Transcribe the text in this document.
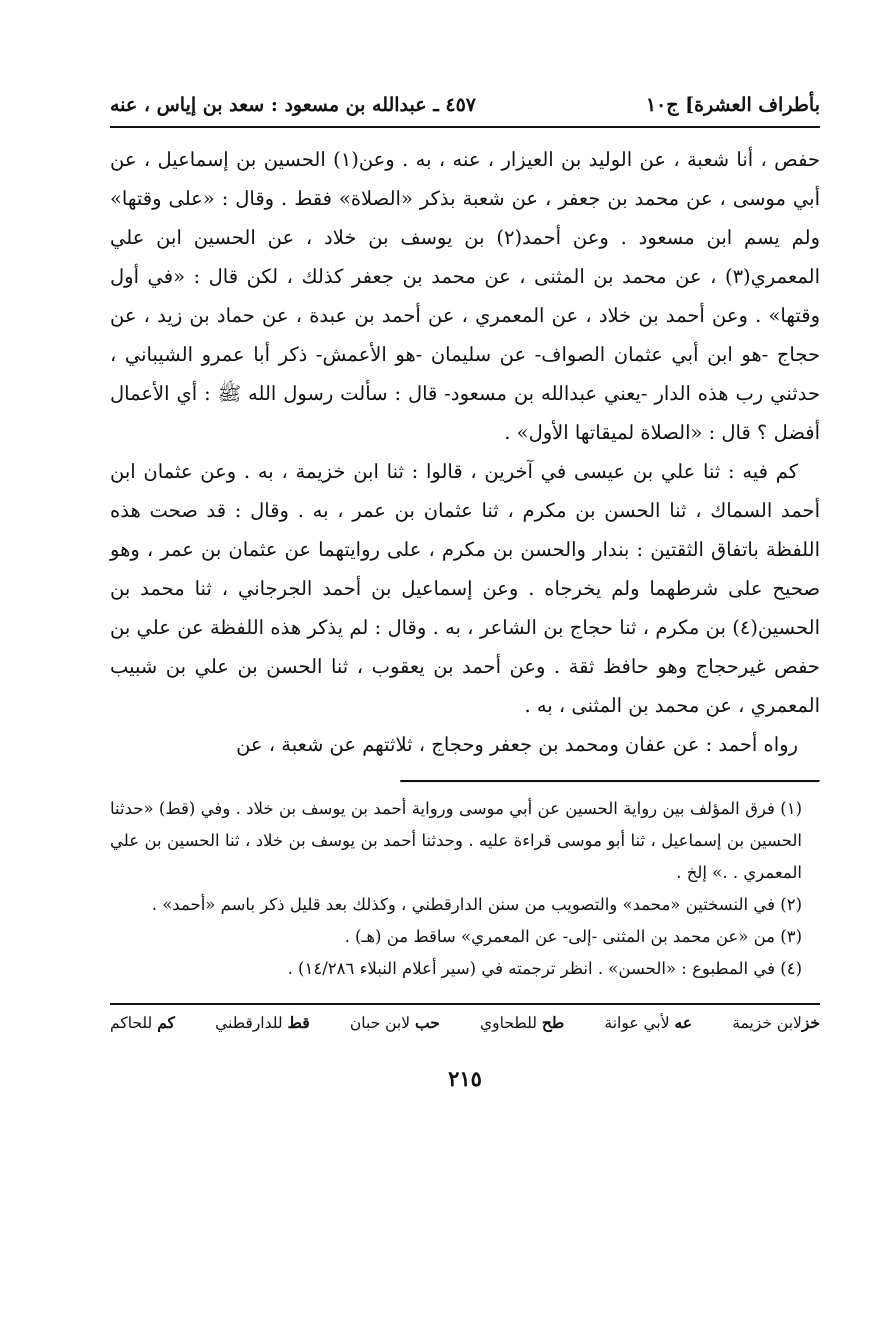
بأطراف العشرة] ج١٠
٤٥٧ ـ عبدالله بن مسعود : سعد بن إياس ، عنه

حفص ، أنا شعبة ، عن الوليد بن العيزار ، عنه ، به . وعن(١) الحسين بن إسماعيل ، عن أبي موسى ، عن محمد بن جعفر ، عن شعبة بذكر «الصلاة» فقط . وقال : «على وقتها» ولم يسم ابن مسعود . وعن أحمد(٢) بن يوسف بن خلاد ، عن الحسين ابن علي المعمري(٣) ، عن محمد بن المثنى ، عن محمد بن جعفر كذلك ، لكن قال : «في أول وقتها» . وعن أحمد بن خلاد ، عن المعمري ، عن أحمد بن عبدة ، عن حماد بن زيد ، عن حجاج -هو ابن أبي عثمان الصواف- عن سليمان -هو الأعمش- ذكر أبا عمرو الشيباني ، حدثني رب هذه الدار -يعني عبدالله بن مسعود- قال : سألت رسول الله ﷺ : أي الأعمال أفضل ؟ قال : «الصلاة لميقاتها الأول» .

كم فيه : ثنا علي بن عيسى في آخرين ، قالوا : ثنا ابن خزيمة ، به . وعن عثمان ابن أحمد السماك ، ثنا الحسن بن مكرم ، ثنا عثمان بن عمر ، به . وقال : قد صحت هذه اللفظة باتفاق الثقتين : بندار والحسن بن مكرم ، على روايتهما عن عثمان بن عمر ، وهو صحيح على شرطهما ولم يخرجاه . وعن إسماعيل بن أحمد الجرجاني ، ثنا محمد بن الحسين(٤) بن مكرم ، ثنا حجاج بن الشاعر ، به . وقال : لم يذكر هذه اللفظة عن علي بن حفص غيرحجاج وهو حافظ ثقة . وعن أحمد بن يعقوب ، ثنا الحسن بن علي بن شبيب المعمري ، عن محمد بن المثنى ، به .

رواه أحمد : عن عفان ومحمد بن جعفر وحجاج ، ثلاثتهم عن شعبة ، عن

(١) فرق المؤلف بين رواية الحسين عن أبي موسى ورواية أحمد بن يوسف بن خلاد . وفي (قط) «حدثنا الحسين بن إسماعيل ، ثنا أبو موسى قراءة عليه . وحدثنا أحمد بن يوسف بن خلاد ، ثنا الحسين بن علي المعمري . .» إلخ .

(٢) في النسختين «محمد» والتصويب من سنن الدارقطني ، وكذلك بعد قليل ذكر باسم «أحمد» .

(٣) من «عن محمد بن المثنى -إلى- عن المعمري» ساقط من (هـ) .

(٤) في المطبوع : «الحسن» . انظر ترجمته في (سير أعلام النبلاء ١٤/٢٨٦) .

خزلابن خزيمة
عه لأبي عوانة
طح للطحاوي
حب لابن حبان
قط للدارقطني
كم للحاكم
٢١٥
